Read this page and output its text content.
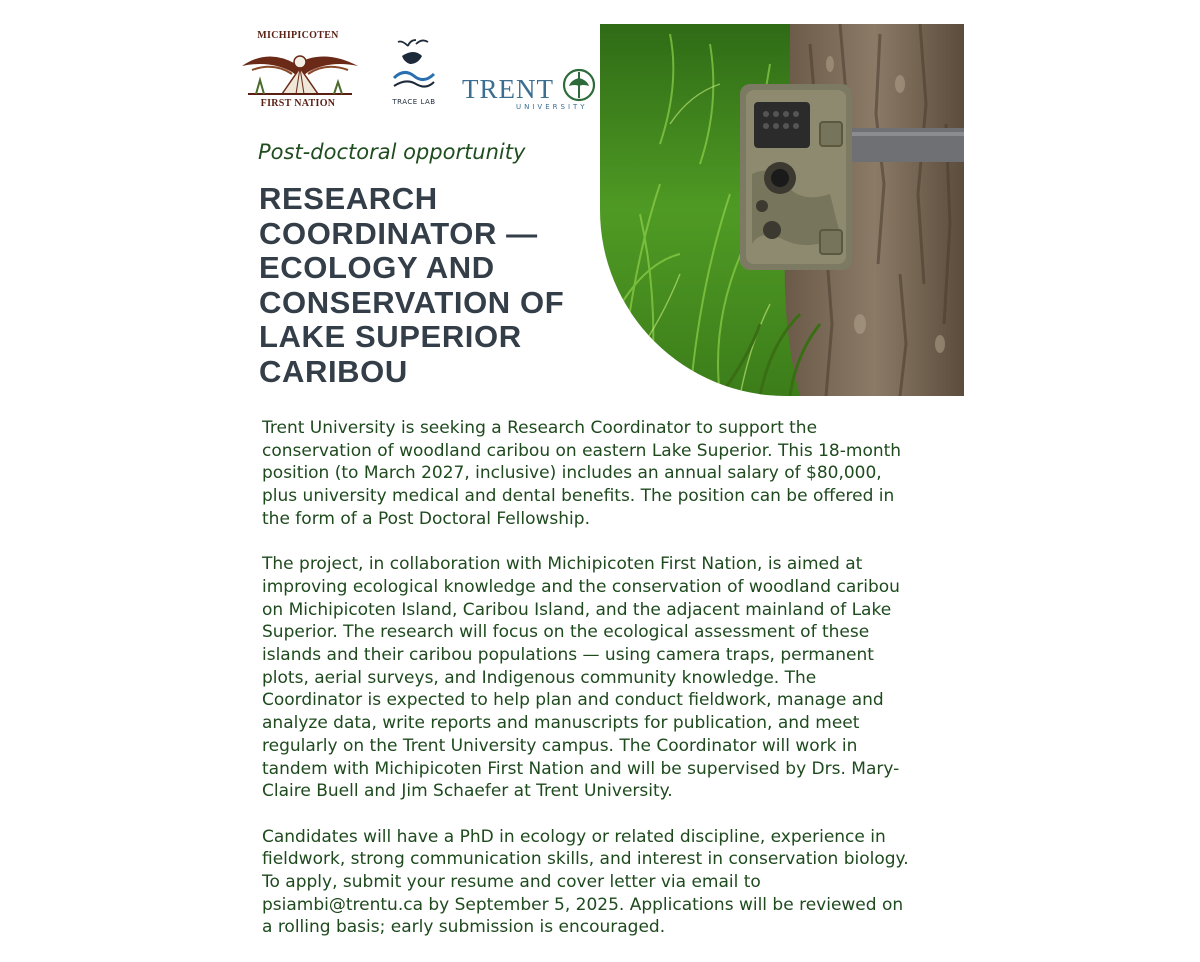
MICHIPICOTEN
FIRST NATION	TRACE LAB TRENT
UNIVERSITY
Post-doctoral opportunity
RESEARCH
COORDINATOR —
ECOLOGY AND
CONSERVATION OF
LAKE SUPERIOR
CARIBOU
Trent University is seeking a Research Coordinator to support the
conservation of woodland caribou on eastern Lake Superior. This 18-month
position (to March 2027, inclusive) includes an annual salary of $80,000,
plus university medical and dental benefits. The position can be offered in
the form of a Post Doctoral Fellowship.
The project, in collaboration with Michipicoten First Nation, is aimed at
improving ecological knowledge and the conservation of woodland caribou
on Michipicoten Island, Caribou Island, and the adjacent mainland of Lake
Superior. The research will focus on the ecological assessment of these
islands and their caribou populations — using camera traps, permanent
plots, aerial surveys, and Indigenous community knowledge. The
Coordinator is expected to help plan and conduct fieldwork, manage and
analyze data, write reports and manuscripts for publication, and meet
regularly on the Trent University campus. The Coordinator will work in
tandem with Michipicoten First Nation and will be supervised by Drs. Mary-
Claire Buell and Jim Schaefer at Trent University.
Candidates will have a PhD in ecology or related discipline, experience in
fieldwork, strong communication skills, and interest in conservation biology.
To apply, submit your resume and cover letter via email to
psiambi@trentu.ca by September 5, 2025. Applications will be reviewed on
a rolling basis; early submission is encouraged.
